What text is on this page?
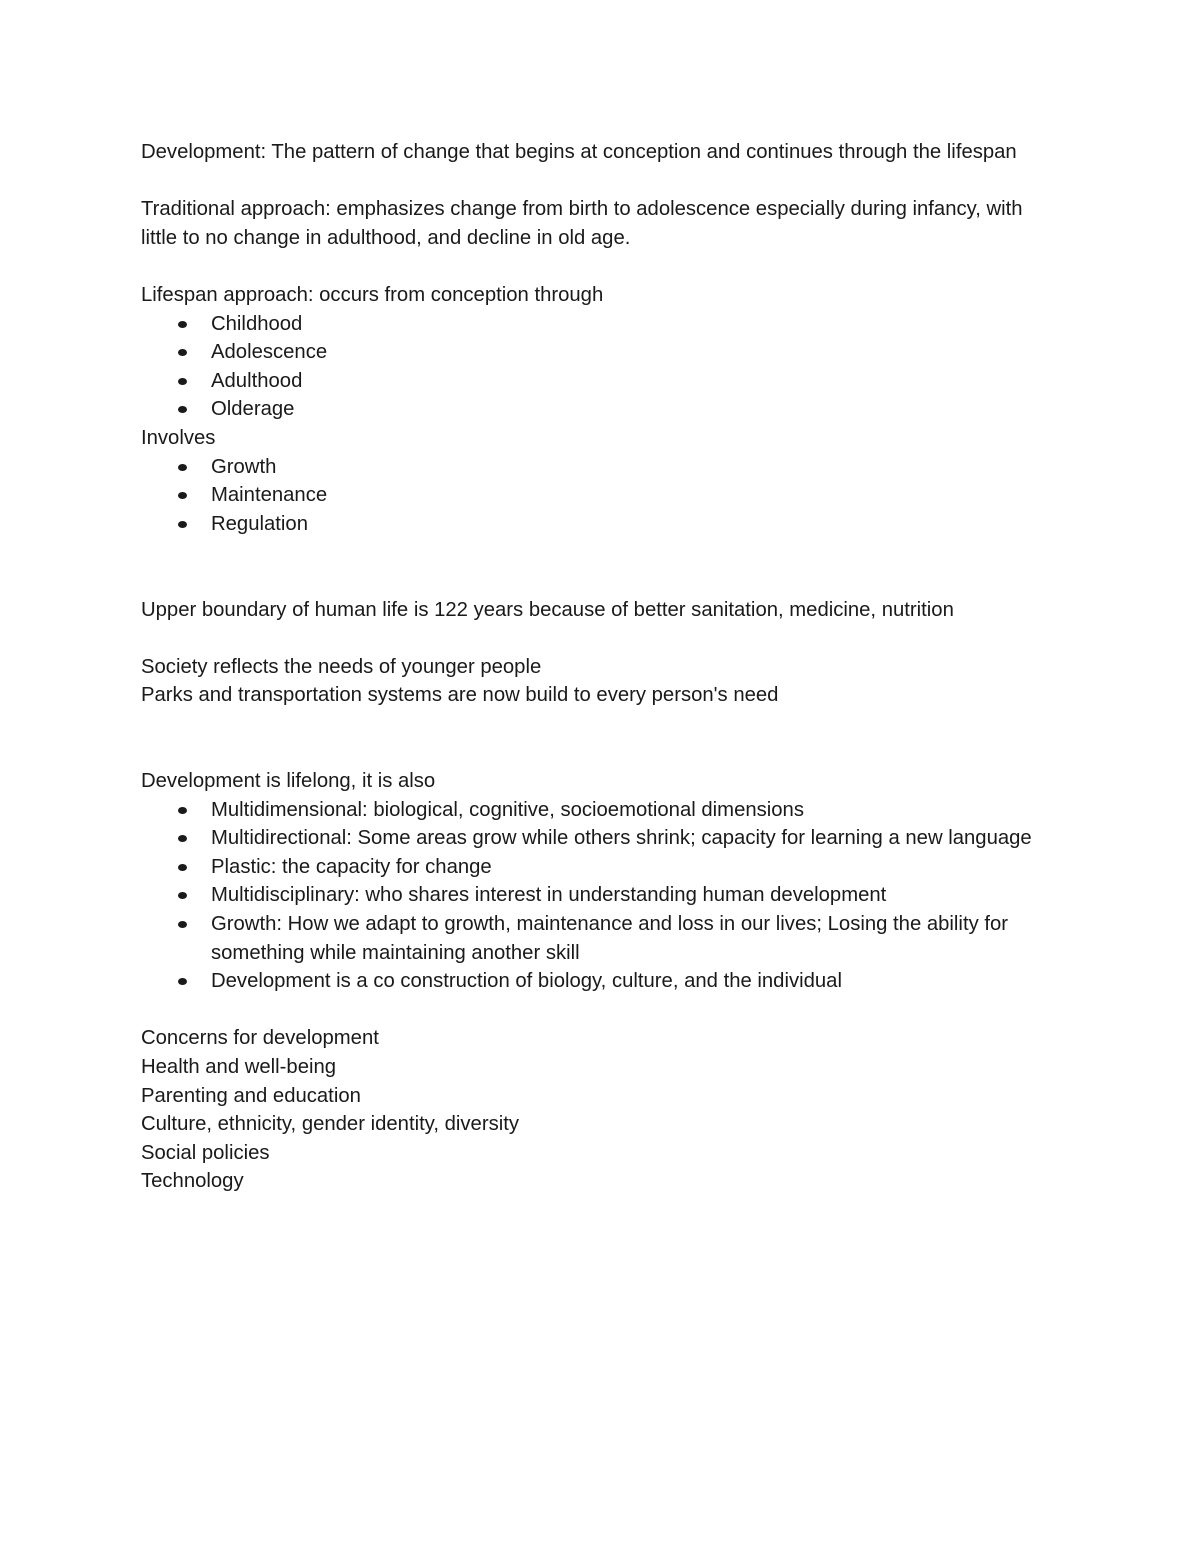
Development: The pattern of change that begins at conception and continues through the lifespan

Traditional approach: emphasizes change from birth to adolescence especially during infancy, with little to no change in adulthood, and decline in old age.

Lifespan approach: occurs from conception through

Childhood
Adolescence
Adulthood
Olderage

Involves

Growth
Maintenance
Regulation

Upper boundary of human life is 122 years because of better sanitation, medicine, nutrition

Society reflects the needs of younger people

Parks and transportation systems are now build to every person's need

Development is lifelong, it is also

Multidimensional: biological, cognitive, socioemotional dimensions
Multidirectional: Some areas grow while others shrink; capacity for learning a new language
Plastic: the capacity for change
Multidisciplinary: who shares interest in understanding human development
Growth: How we adapt to growth, maintenance and loss in our lives; Losing the ability for something while maintaining another skill
Development is a co construction of biology, culture, and the individual

Concerns for development

Health and well-being

Parenting and education

Culture, ethnicity, gender identity, diversity

Social policies

Technology
